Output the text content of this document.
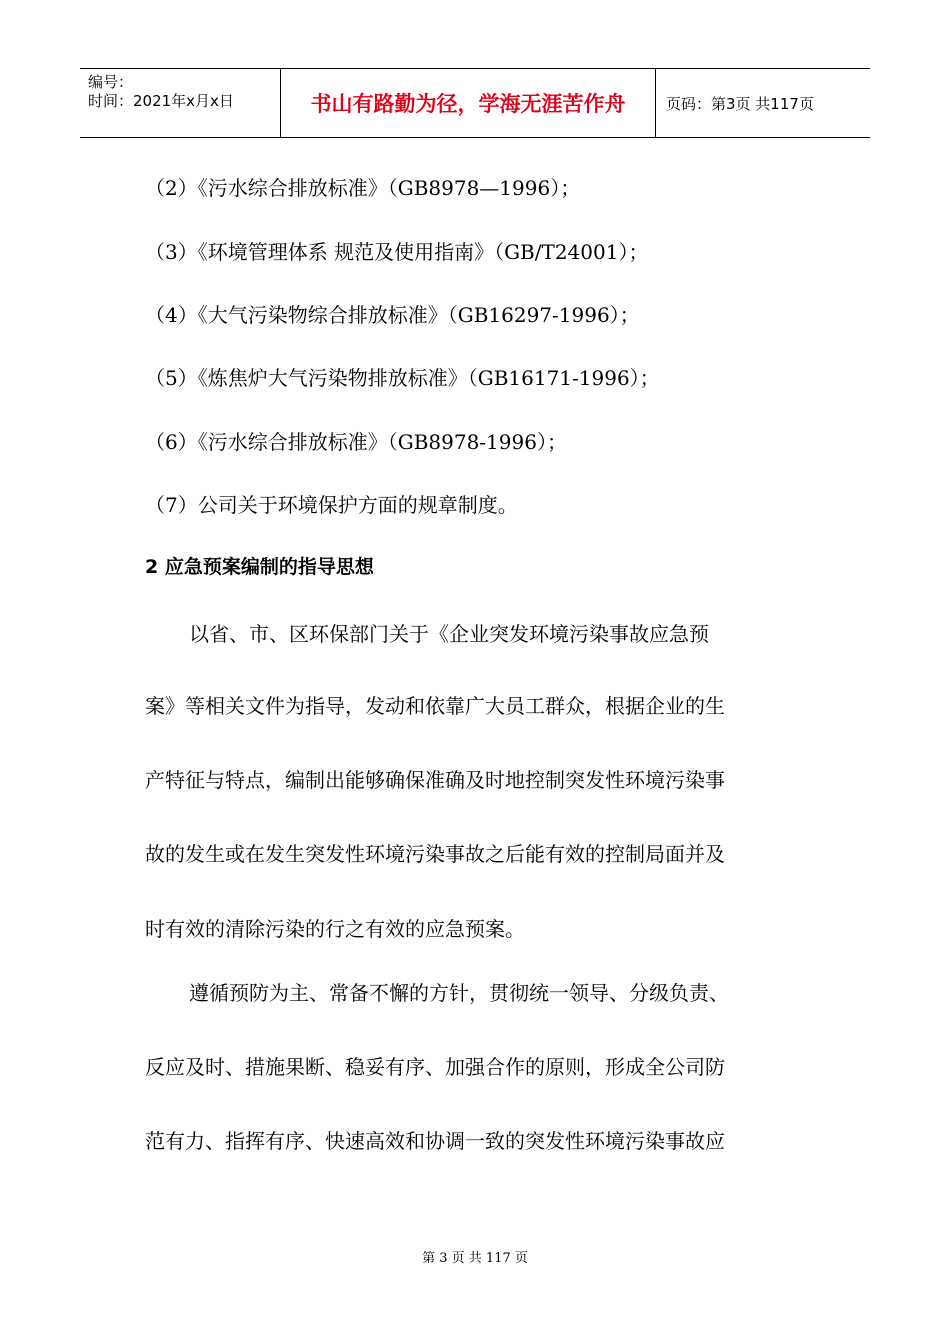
编号：
时间：2021年x月x日	书山有路勤为径，学海无涯苦作舟	页码：第3页 共117页
（2）《污水综合排放标准》（GB8978—1996）；
（3）《环境管理体系 规范及使用指南》（GB/T24001）；
（4）《大气污染物综合排放标准》（GB16297-1996）；
（5）《炼焦炉大气污染物排放标准》（GB16171-1996）；
（6）《污水综合排放标准》（GB8978-1996）；
（7）公司关于环境保护方面的规章制度。
2 应急预案编制的指导思想
以省、市、区环保部门关于《企业突发环境污染事故应急预
案》等相关文件为指导，发动和依靠广大员工群众，根据企业的生
产特征与特点，编制出能够确保准确及时地控制突发性环境污染事
故的发生或在发生突发性环境污染事故之后能有效的控制局面并及
时有效的清除污染的行之有效的应急预案。
遵循预防为主、常备不懈的方针，贯彻统一领导、分级负责、
反应及时、措施果断、稳妥有序、加强合作的原则，形成全公司防
范有力、指挥有序、快速高效和协调一致的突发性环境污染事故应
第 3 页 共 117 页
